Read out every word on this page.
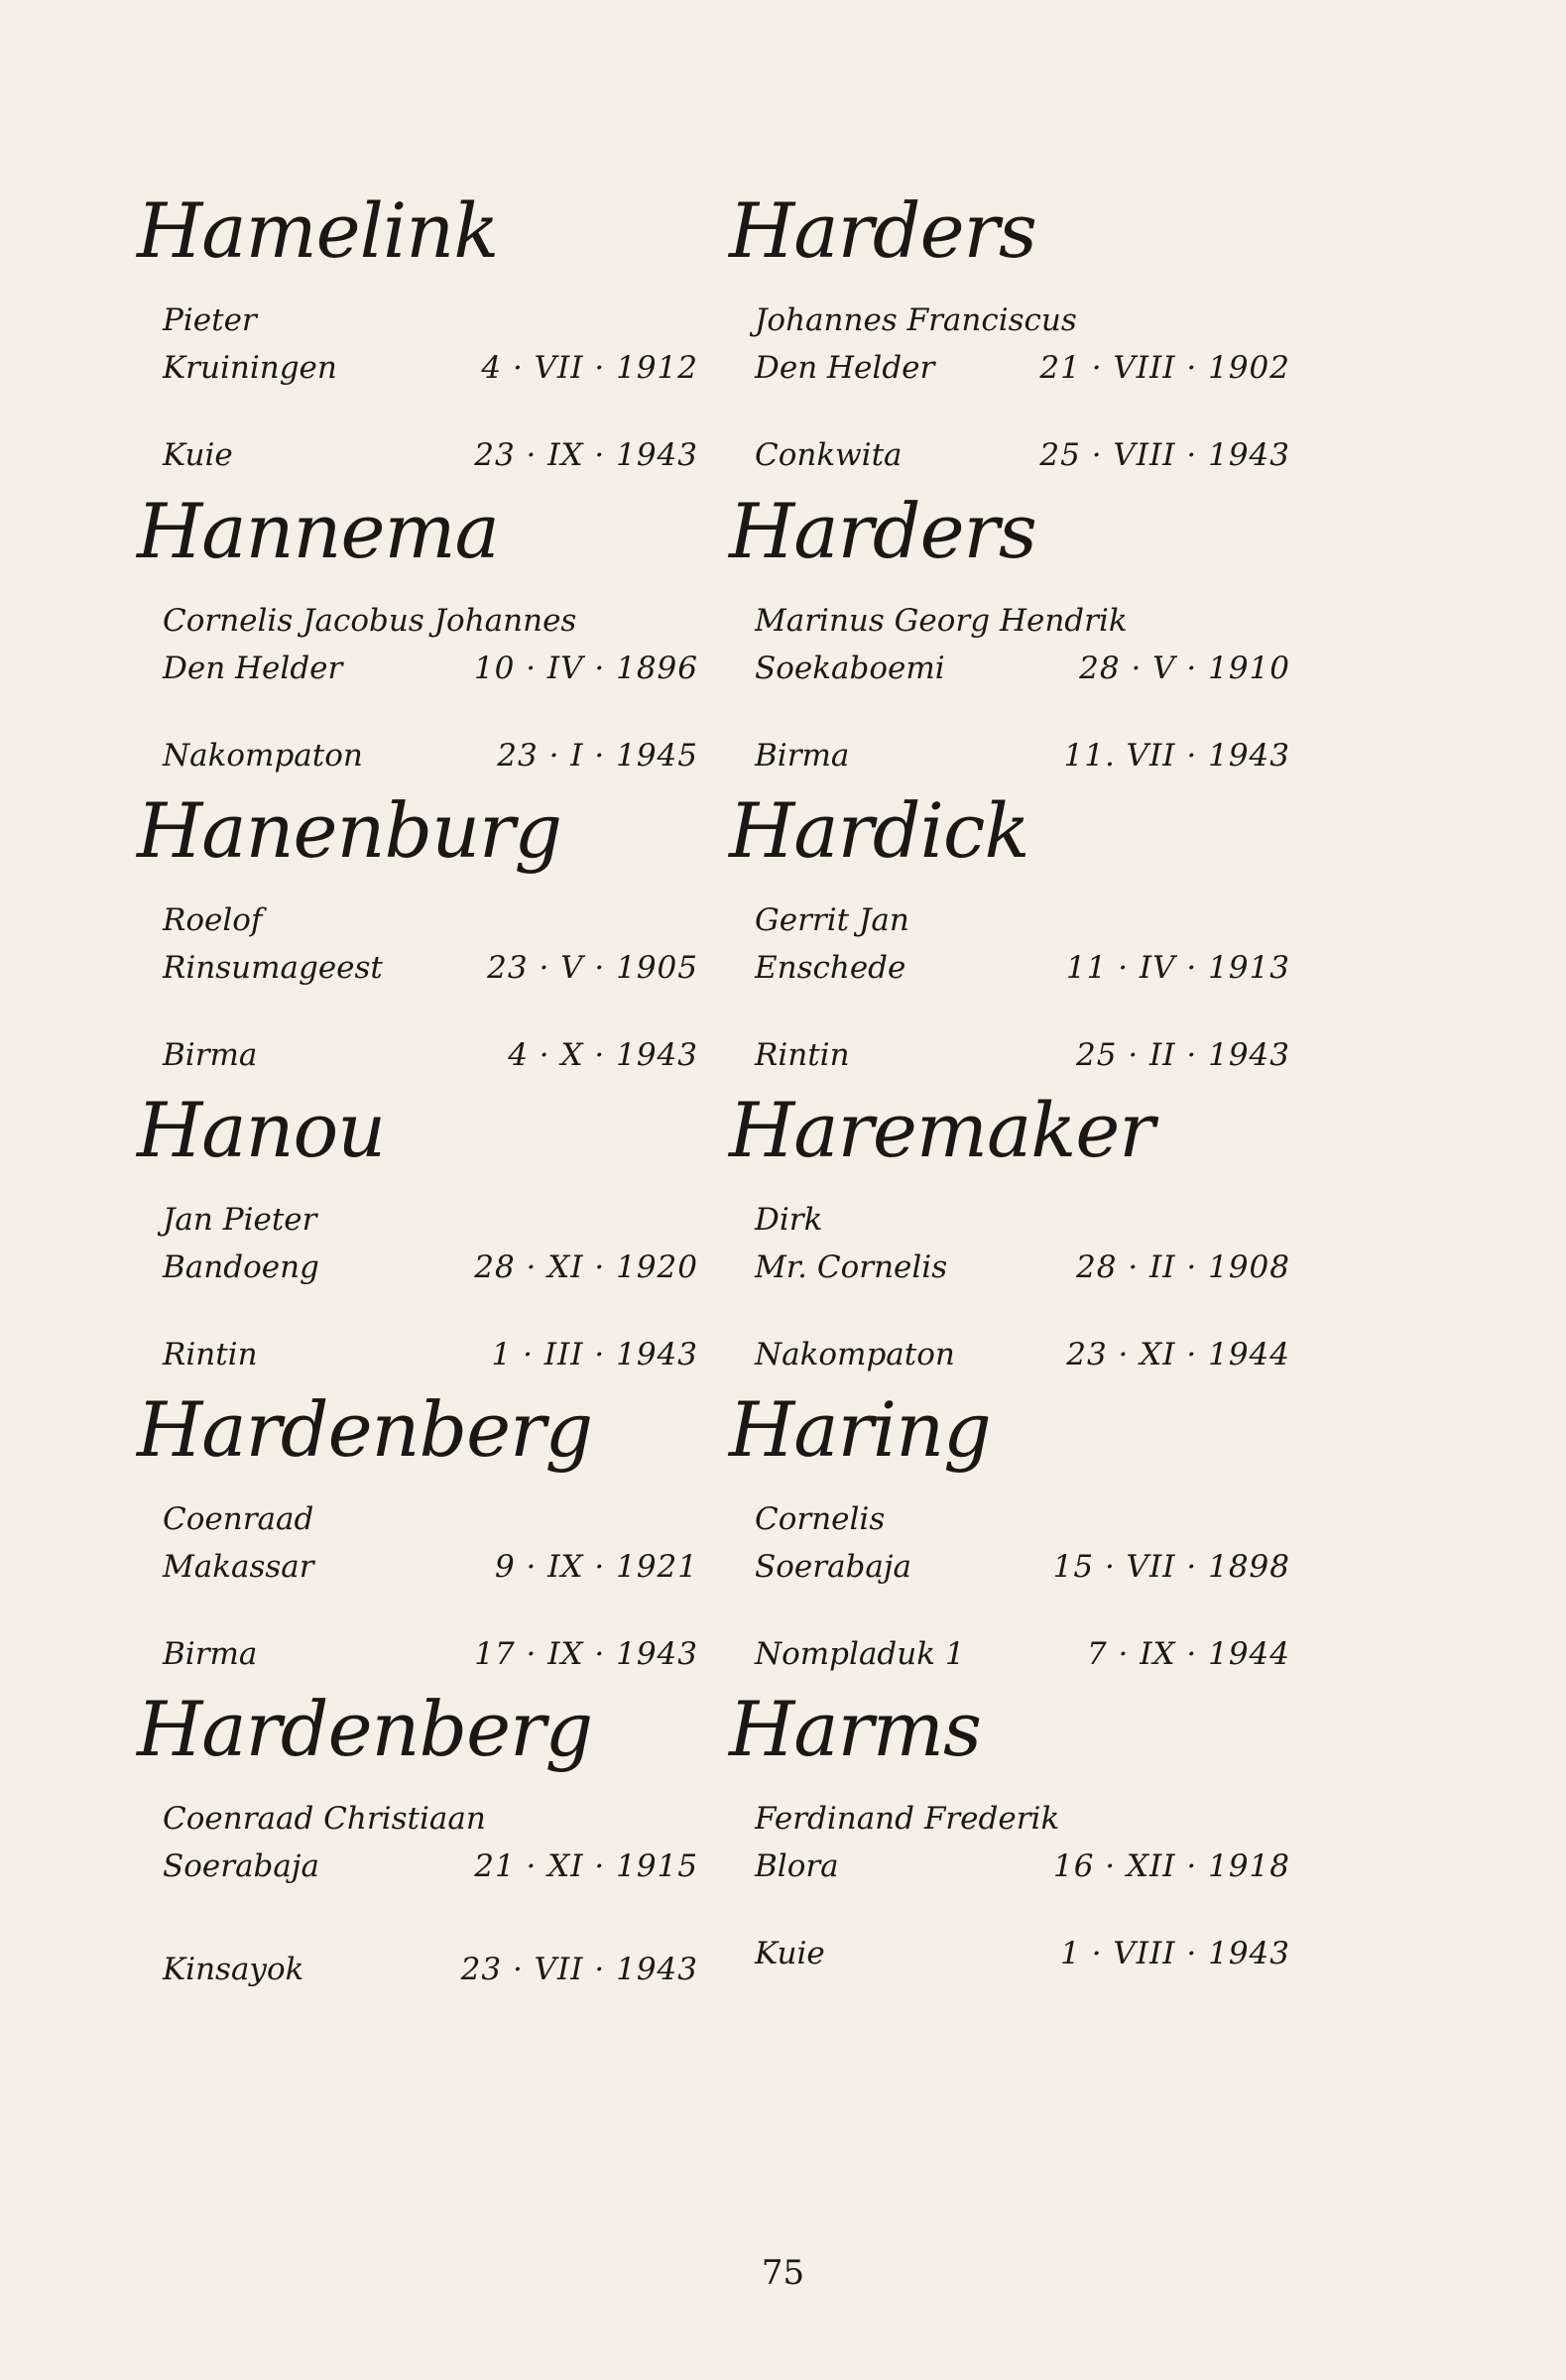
Hamelink
Pieter
Kruiningen	4 · VII · 1912
Kuie	23 · IX · 1943
Harders
Johannes Franciscus
Den Helder	21 · VIII · 1902
Conkwita	25 · VIII · 1943
Hannema
Cornelis Jacobus Johannes
Den Helder	10 · IV · 1896
Nakompaton	23 · I · 1945
Harders
Marinus Georg Hendrik
Soekaboemi	28 · V · 1910
Birma	11. VII · 1943
Hanenburg
Roelof
Rinsumageest	23 · V · 1905
Birma	4 · X · 1943
Hardick
Gerrit Jan
Enschede	11 · IV · 1913
Rintin	25 · II · 1943
Hanou
Jan Pieter
Bandoeng	28 · XI · 1920
Rintin	1 · III · 1943
Haremaker
Dirk
Mr. Cornelis	28 · II · 1908
Nakompaton	23 · XI · 1944
Hardenberg
Coenraad
Makassar	9 · IX · 1921
Birma	17 · IX · 1943
Haring
Cornelis
Soerabaja	15 · VII · 1898
Nompladuk 1	7 · IX · 1944
Hardenberg
Coenraad Christiaan
Soerabaja	21 · XI · 1915
Kinsayok	23 · VII · 1943
Harms
Ferdinand Frederik
Blora	16 · XII · 1918
Kuie	1 · VIII · 1943
75
